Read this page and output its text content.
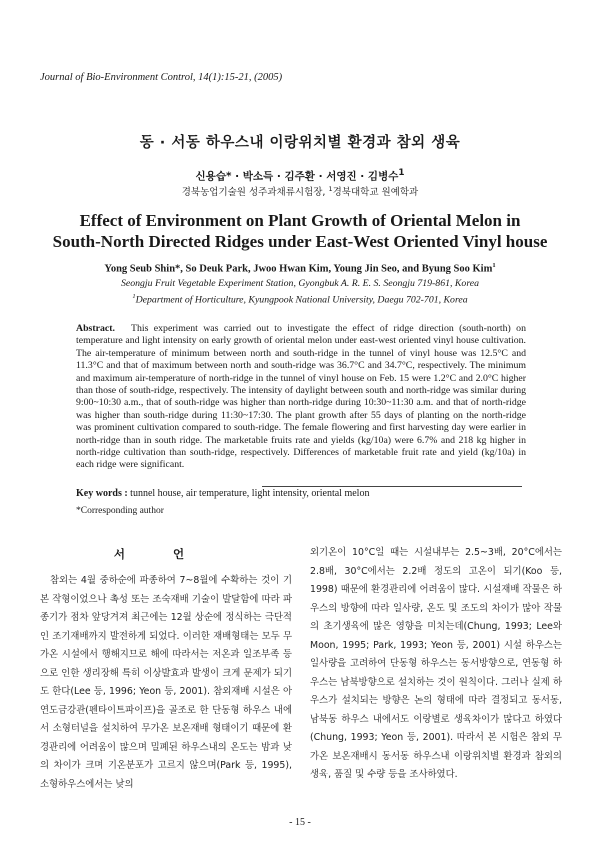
Journal of Bio-Environment Control, 14(1):15-21, (2005)
동 · 서동 하우스내 이랑위치별 환경과 참외 생육
신용습* · 박소득 · 김주환 · 서영진 · 김병수$^1$
경북농업기술원 성주과채류시험장, $^1$경북대학교 원예학과
Effect of Environment on Plant Growth of Oriental Melon in
South-North Directed Ridges under East-West Oriented Vinyl house
Yong Seub Shin*, So Deuk Park, Jwoo Hwan Kim, Young Jin Seo, and Byung Soo Kim$^1$
Seongju Fruit Vegetable Experiment Station, Gyongbuk A. R. E. S. Seongju 719-861, Korea
$^1$Department of Horticulture, Kyungpook National University, Daegu 702-701, Korea
Abstract. This experiment was carried out to investigate the effect of ridge direction (south-north) on temperature and light intensity on early growth of oriental melon under east-west oriented vinyl house cultivation. The air-temperature of minimum between north and south-ridge in the tunnel of vinyl house was 12.5°C and 11.3°C and that of maximum between north and south-ridge was 36.7°C and 34.7°C, respectively. The minimum and maximum air-temperature of north-ridge in the tunnel of vinyl house on Feb. 15 were 1.2°C and 2.0°C higher than those of south-ridge, respectively. The intensity of daylight between south and north-ridge was similar during 9:00~10:30 a.m., that of south-ridge was higher than north-ridge during 10:30~11:30 a.m. and that of north-ridge was higher than south-ridge during 11:30~17:30. The plant growth after 55 days of planting on the north-ridge was prominent cultivation compared to south-ridge. The female flowering and first harvesting day were earlier in north-ridge than in south ridge. The marketable fruits rate and yields (kg/10a) were 6.7% and 218 kg higher in north-ridge cultivation than south-ridge, respectively. Differences of marketable fruit rate and yield (kg/10a) in each ridge were significant.
Key words : tunnel house, air temperature, light intensity, oriental melon
*Corresponding author
서 언

참외는 4월 중하순에 파종하여 7~8월에 수확하는 것이 기본 작형이었으나 촉성 또는 조숙재배 기술이 발달함에 따라 파종기가 점차 앞당겨져 최근에는 12월 상순에 정식하는 극단적인 조기재배까지 발전하게 되었다. 이러한 재배형태는 모두 무가온 시설에서 행해지므로 해에 따라서는 저온과 일조부족 등으로 인한 생리장해 특히 이상발효과 발생이 크게 문제가 되기도 한다(Lee 등, 1996; Yeon 등, 2001). 참외재배 시설은 아연도금강관(펜타이트파이프)을 골조로 한 단동형 하우스 내에서 소형터널을 설치하여 무가온 보온재배 형태이기 때문에 환경관리에 어려움이 많으며 밀폐된 하우스내의 온도는 밤과 낮의 차이가 크며 기온분포가 고르지 않으며(Park 등, 1995), 소형하우스에서는 낮의

외기온이 10°C일 때는 시설내부는 2.5~3배, 20°C에서는 2.8배, 30°C에서는 2.2배 정도의 고온이 되기(Koo 등, 1998) 때문에 환경관리에 어려움이 많다. 시설재배 작물은 하우스의 방향에 따라 일사량, 온도 및 조도의 차이가 많아 작물의 초기생육에 많은 영향을 미치는데(Chung, 1993; Lee와 Moon, 1995; Park, 1993; Yeon 등, 2001) 시설 하우스는 일사량을 고려하여 단동형 하우스는 동서방향으로, 연동형 하우스는 남북방향으로 설치하는 것이 원칙이다. 그러나 실제 하우스가 설치되는 방향은 논의 형태에 따라 결정되고 동서동, 남북동 하우스 내에서도 이랑별로 생육차이가 많다고 하였다(Chung, 1993; Yeon 등, 2001). 따라서 본 시험은 참외 무가온 보온재배시 동서동 하우스내 이랑위치별 환경과 참외의 생육, 품질 및 수량 등을 조사하였다.

- 15 -
